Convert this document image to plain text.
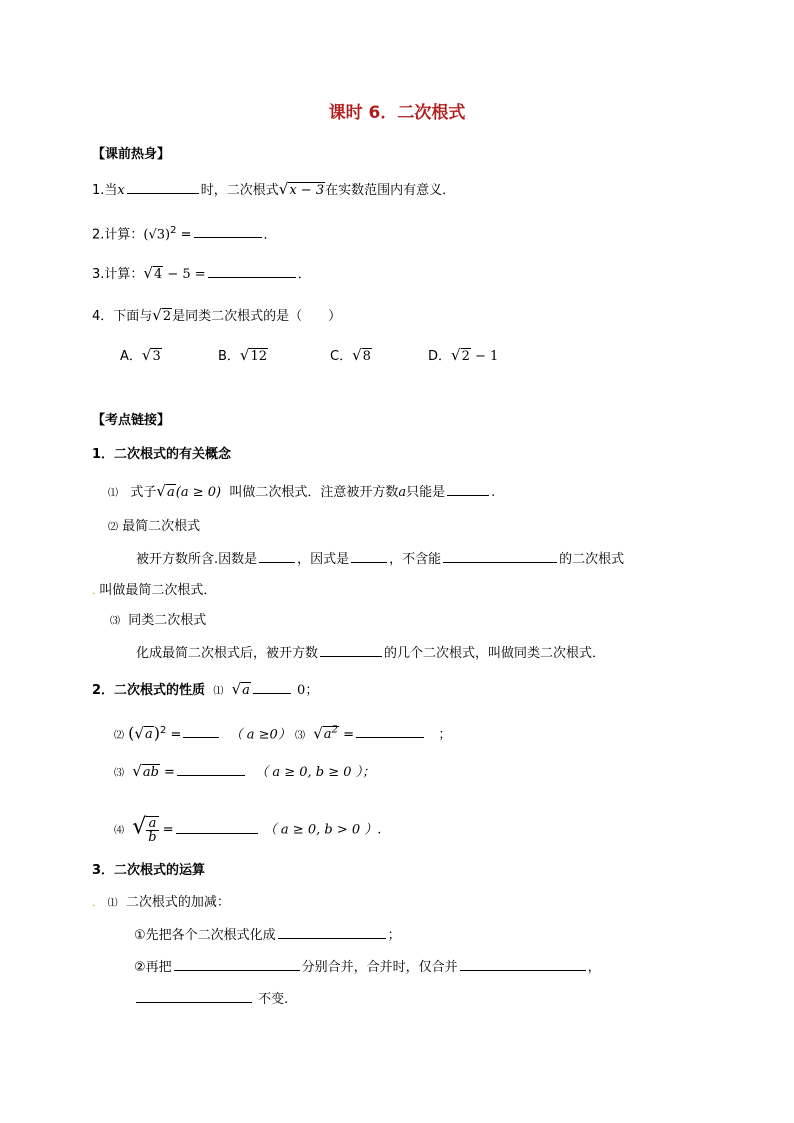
课时 6．二次根式
【课前热身】
1.当x	时，二次根式√x − 3在实数范围内有意义．
2.计算：$(√3)^2$ =	．
3.计算：√4 − 5 =	．
4．下面与√2是同类二次根式的是（　　）
A．√3	B．√12	C．√8	D．√2 − 1
【考点链接】
1．二次根式的有关概念
⑴ 式子√a(a ≥ 0) 叫做二次根式．注意被开方数a只能是	.
⑵ 最简二次根式
被开方数所含.因数是	，因式是	，不含能	的二次根式
. 叫做最简二次根式．
⑶ 同类二次根式
化成最简二次根式后，被开方数	的几个二次根式，叫做同类二次根式．
2．二次根式的性质 ⑴ √a	0；
⑵ $(√a)^2$ =	（ a ≥0） ⑶ $√a^2$ =	；
⑶ √ab =	（ a ≥ 0, b ≥ 0 ）；
⑷ √ $\frac{a}{b}$ =	（ a ≥ 0, b > 0 ）.
3．二次根式的运算
. ⑴ 二次根式的加减：
①先把各个二次根式化成	；
②再把	分别合并，合并时，仅合并	，
不变.
